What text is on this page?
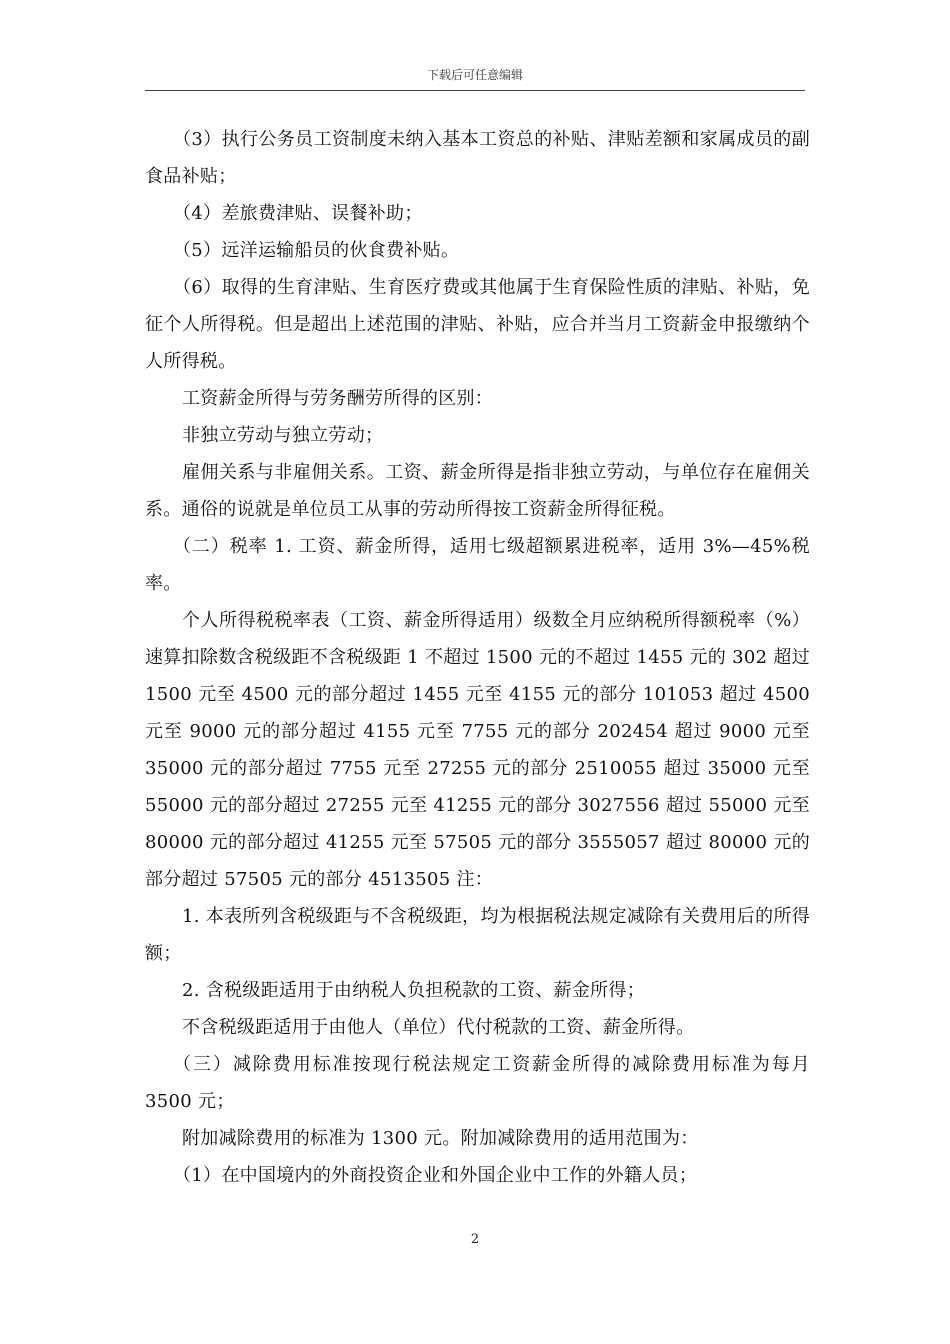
下载后可任意编辑

（3）执行公务员工资制度未纳入基本工资总的补贴、津贴差额和家属成员的副食品补贴；

（4）差旅费津贴、误餐补助；

（5）远洋运输船员的伙食费补贴。

（6）取得的生育津贴、生育医疗费或其他属于生育保险性质的津贴、补贴，免征个人所得税。但是超出上述范围的津贴、补贴，应合并当月工资薪金申报缴纳个人所得税。

工资薪金所得与劳务酬劳所得的区别：

非独立劳动与独立劳动；

雇佣关系与非雇佣关系。工资、薪金所得是指非独立劳动，与单位存在雇佣关系。通俗的说就是单位员工从事的劳动所得按工资薪金所得征税。

（二）税率 1. 工资、薪金所得，适用七级超额累进税率，适用 3%—45%税率。

个人所得税税率表（工资、薪金所得适用）级数全月应纳税所得额税率（%）速算扣除数含税级距不含税级距 1 不超过 1500 元的不超过 1455 元的 302 超过 1500 元至 4500 元的部分超过 1455 元至 4155 元的部分 101053 超过 4500 元至 9000 元的部分超过 4155 元至 7755 元的部分 202454 超过 9000 元至 35000 元的部分超过 7755 元至 27255 元的部分 2510055 超过 35000 元至 55000 元的部分超过 27255 元至 41255 元的部分 3027556 超过 55000 元至 80000 元的部分超过 41255 元至 57505 元的部分 3555057 超过 80000 元的部分超过 57505 元的部分 4513505 注：

1. 本表所列含税级距与不含税级距，均为根据税法规定减除有关费用后的所得额；

2. 含税级距适用于由纳税人负担税款的工资、薪金所得；

不含税级距适用于由他人（单位）代付税款的工资、薪金所得。

（三）减除费用标准按现行税法规定工资薪金所得的减除费用标准为每月 3500 元；

附加减除费用的标准为 1300 元。附加减除费用的适用范围为：

（1）在中国境内的外商投资企业和外国企业中工作的外籍人员；

2
